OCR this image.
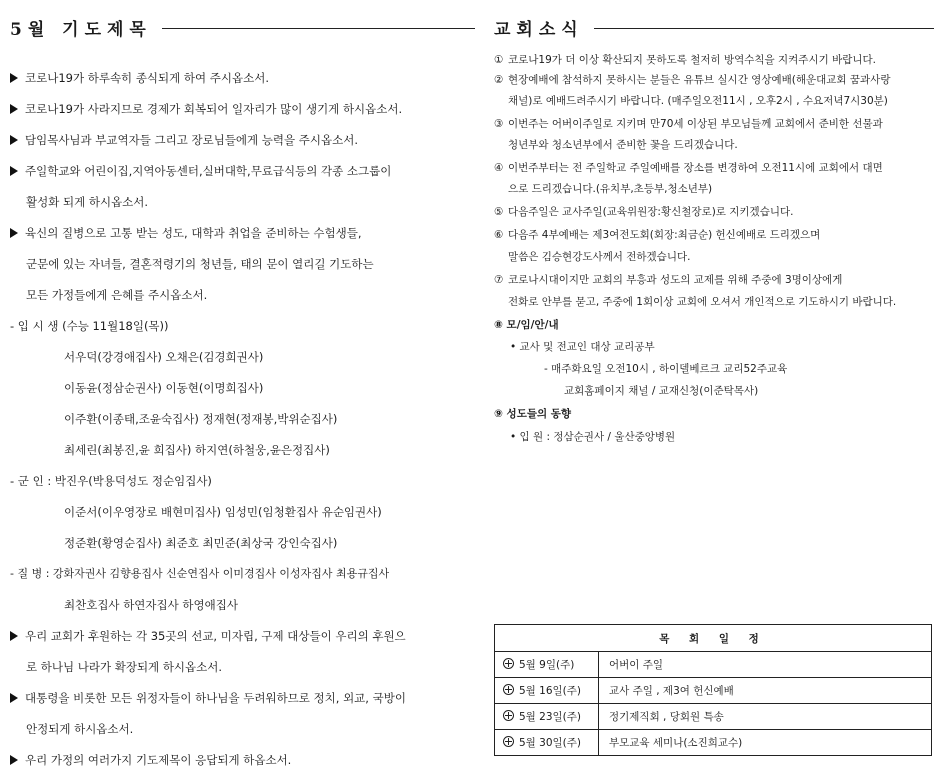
5월 기도제목
코로나19가 하루속히 종식되게 하여 주시옵소서.
코로나19가 사라지므로 경제가 회복되어 일자리가 많이 생기게 하시옵소서.
담임목사님과 부교역자들 그리고 장로님들에게 능력을 주시옵소서.
주일학교와 어린이집,지역아동센터,실버대학,무료급식등의 각종 소그룹이
활성화 되게 하시옵소서.
육신의 질병으로 고통 받는 성도, 대학과 취업을 준비하는 수험생들,
군문에 있는 자녀들, 결혼적령기의 청년들, 태의 문이 열리길 기도하는
모든 가정들에게 은혜를 주시옵소서.
- 입 시 생 (수능 11월18일(목))
서우덕(강경애집사) 오채은(김경희권사)
이동윤(정삼순권사) 이동현(이명희집사)
이주환(이종태,조윤숙집사) 정재현(정재봉,박위순집사)
최세린(최봉진,윤 희집사) 하지연(하철웅,윤은정집사)
- 군 인 : 박진우(박용덕성도 정순임집사)
이준서(이우영장로 배현미집사) 임성민(임청환집사 유순임권사)
정준환(황영순집사) 최준호 최민준(최상국 강인숙집사)
- 질 병 : 강화자권사 김향용집사 신순연집사 이미경집사 이성자집사 최용규집사
최찬호집사 하연자집사 하영애집사
우리 교회가 후원하는 각 35곳의 선교, 미자립, 구제 대상들이 우리의 후원으
로 하나님 나라가 확장되게 하시옵소서.
대통령을 비롯한 모든 위정자들이 하나님을 두려워하므로 정치, 외교, 국방이
안정되게 하시옵소서.
우리 가정의 여러가지 기도제목이 응답되게 하옵소서.
교회소식
① 코로나19가 더 이상 확산되지 못하도록 철저히 방역수칙을 지켜주시기 바랍니다.
② 현장예배에 참석하지 못하시는 분들은 유튜브 실시간 영상예배(해운대교회 꿈과사랑
채널)로 예배드려주시기 바랍니다. (매주일오전11시 , 오후2시 , 수요저녁7시30분)
③ 이번주는 어버이주일로 지키며 만70세 이상된 부모님들께 교회에서 준비한 선물과
청년부와 청소년부에서 준비한 꽃을 드리겠습니다.
④ 이번주부터는 전 주일학교 주일예배를 장소를 변경하여 오전11시에 교회에서 대면
으로 드리겠습니다.(유치부,초등부,청소년부)
⑤ 다음주일은 교사주일(교육위원장:황신철장로)로 지키겠습니다.
⑥ 다음주 4부예배는 제3여전도회(회장:최금순) 헌신예배로 드리겠으며
말씀은 김승현강도사께서 전하겠습니다.
⑦ 코로나시대이지만 교회의 부흥과 성도의 교제를 위해 주중에 3명이상에게
전화로 안부를 묻고, 주중에 1회이상 교회에 오셔서 개인적으로 기도하시기 바랍니다.
⑧ 모/임/안/내
• 교사 및 전교인 대상 교리공부
- 매주화요일 오전10시 , 하이델베르크 교리52주교육
교회홈페이지 채널 / 교재신청(이준탁목사)
⑨ 성도들의 동향
• 입 원 : 정삼순권사 / 울산중앙병원
목 회 일 정	
5월 9일(주)	어버이 주일
5월 16일(주)	교사 주일 , 제3여 헌신예배
5월 23일(주)	정기제직회 , 당회원 특송
5월 30일(주)	부모교육 세미나(소진희교수)
